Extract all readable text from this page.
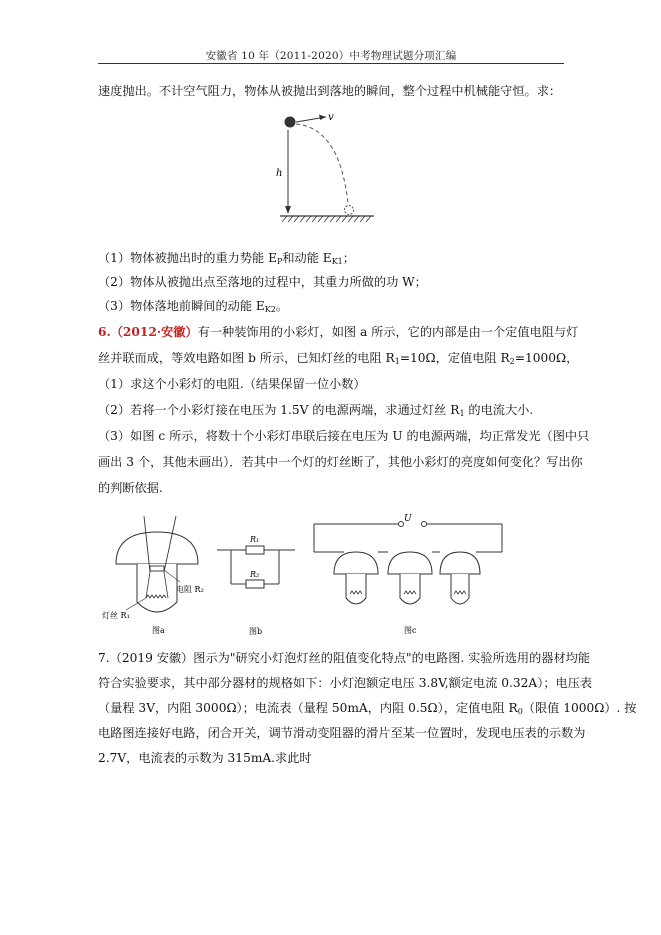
安徽省 10 年（2011-2020）中考物理试题分项汇编
速度抛出。不计空气阻力，物体从被抛出到落地的瞬间，整个过程中机械能守恒。求：
v
h
（1）物体被抛出时的重力势能 $E_P$和动能 $E_{K1}$；
（2）物体从被抛出点至落地的过程中，其重力所做的功 W；
（3）物体落地前瞬间的动能 $E_{K2}$。
6.（2012·安徽）有一种装饰用的小彩灯，如图 a 所示，它的内部是由一个定值电阻与灯
丝并联而成，等效电路如图 b 所示，已知灯丝的电阻 $R_1=10\Omega$，定值电阻 $R_2=1000\Omega$，
（1）求这个小彩灯的电阻.（结果保留一位小数）
（2）若将一个小彩灯接在电压为 1.5V 的电源两端，求通过灯丝 $R_1$ 的电流大小.
（3）如图 c 所示，将数十个小彩灯串联后接在电压为 U 的电源两端，均正常发光（图中只
画出 3 个，其他未画出）．若其中一个灯的灯丝断了，其他小彩灯的亮度如何变化？写出你
的判断依据.
电阻 R₂
灯丝 R₁
图a
R₁
R₂
图b
U
图c
7.（2019 安徽）图示为"研究小灯泡灯丝的阻值变化特点"的电路图. 实验所选用的器材均能
符合实验要求，其中部分器材的规格如下：小灯泡额定电压 3.8V,额定电流 0.32A）；电压表
（量程 3V，内阻 3000Ω）；电流表（量程 50mA，内阻 0.5Ω），定值电阻 $R_0$（限值 1000Ω）. 按
电路图连接好电路，闭合开关，调节滑动变阻器的滑片至某一位置时，发现电压表的示数为
2.7V，电流表的示数为 315mA.求此时
